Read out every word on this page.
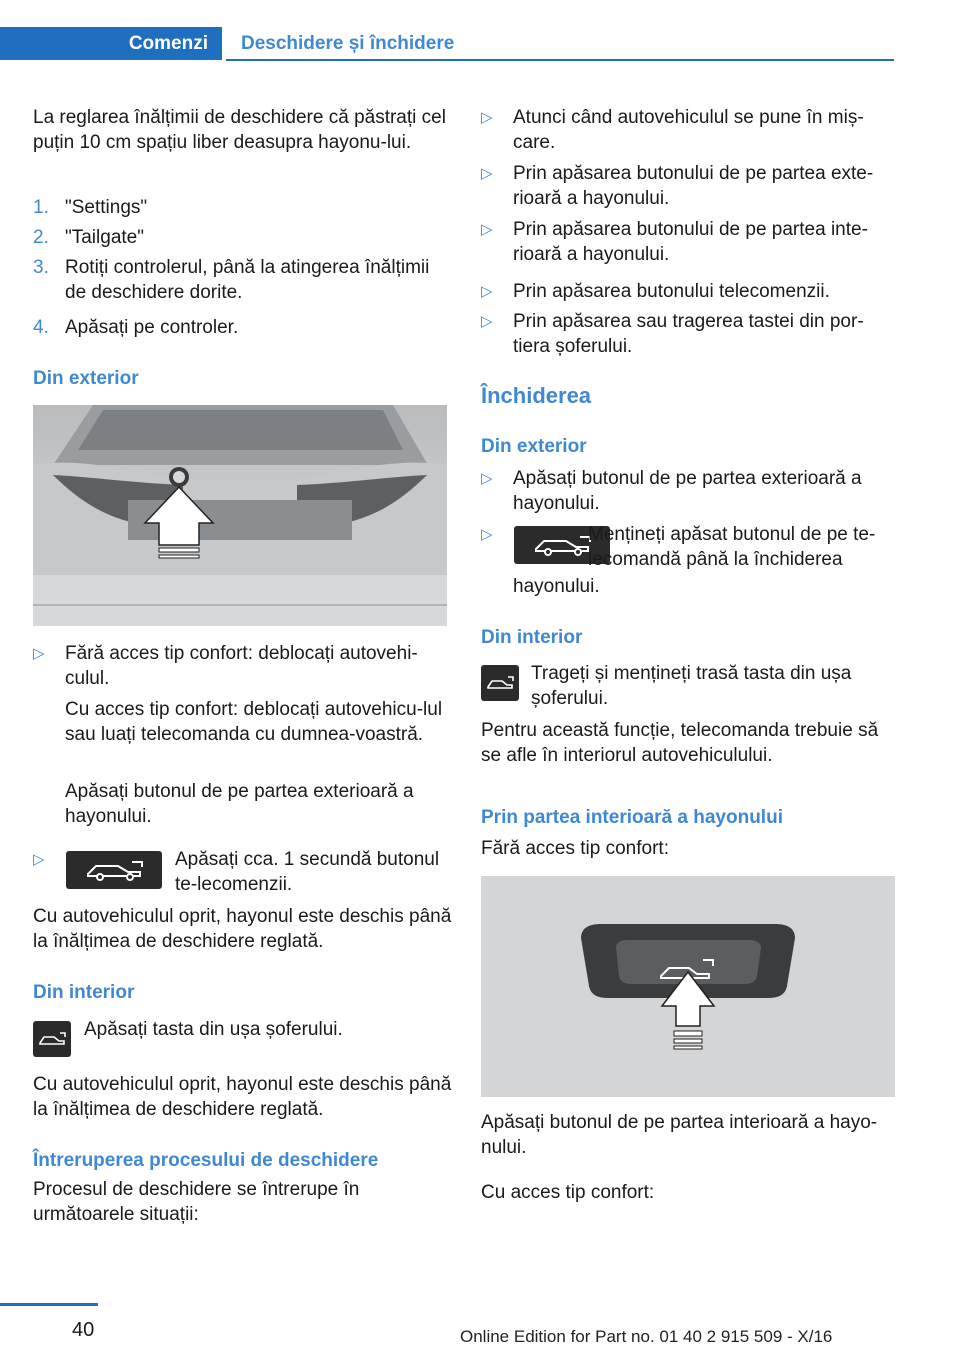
Comenzi	Deschidere și închidere

La reglarea înălțimii de deschidere că păstrați cel puțin 10 cm spațiu liber deasupra hayonu-lui.

1. "Settings"
2. "Tailgate"
3. Rotiți controlerul, până la atingerea înălțimii de deschidere dorite.
4. Apăsați pe controler.
Din exterior
▷ Fără acces tip confort: deblocați autovehi-culul.

Cu acces tip confort: deblocați autovehicu-lul sau luați telecomanda cu dumnea-voastră.

Apăsați butonul de pe partea exterioară a hayonului.

▷	Apăsați cca. 1 secundă butonul te-lecomenzii.

Cu autovehiculul oprit, hayonul este deschis până la înălțimea de deschidere reglată.

Din interior

Apăsați tasta din ușa șoferului.

Cu autovehiculul oprit, hayonul este deschis până la înălțimea de deschidere reglată.

Întreruperea procesului de deschidere

Procesul de deschidere se întrerupe în următoarele situații:

▷ Atunci când autovehiculul se pune în miș-care.

▷ Prin apăsarea butonului de pe partea exte-rioară a hayonului.

▷ Prin apăsarea butonului de pe partea inte-rioară a hayonului.

▷ Prin apăsarea butonului telecomenzii.

▷ Prin apăsarea sau tragerea tastei din por-tiera șoferului.

Închiderea
Din exterior
▷ Apăsați butonul de pe partea exterioară a hayonului.

▷	Mențineți apăsat butonul de pe te-lecomandă până la închiderea

hayonului.

Din interior

Trageți și mențineți trasă tasta din ușa șoferului.

Pentru această funcție, telecomanda trebuie să se afle în interiorul autovehiculului.

Prin partea interioară a hayonului

Fără acces tip confort:

Apăsați butonul de pe partea interioară a hayo-nului.

Cu acces tip confort:

40	Online Edition for Part no. 01 40 2 915 509 - X/16
